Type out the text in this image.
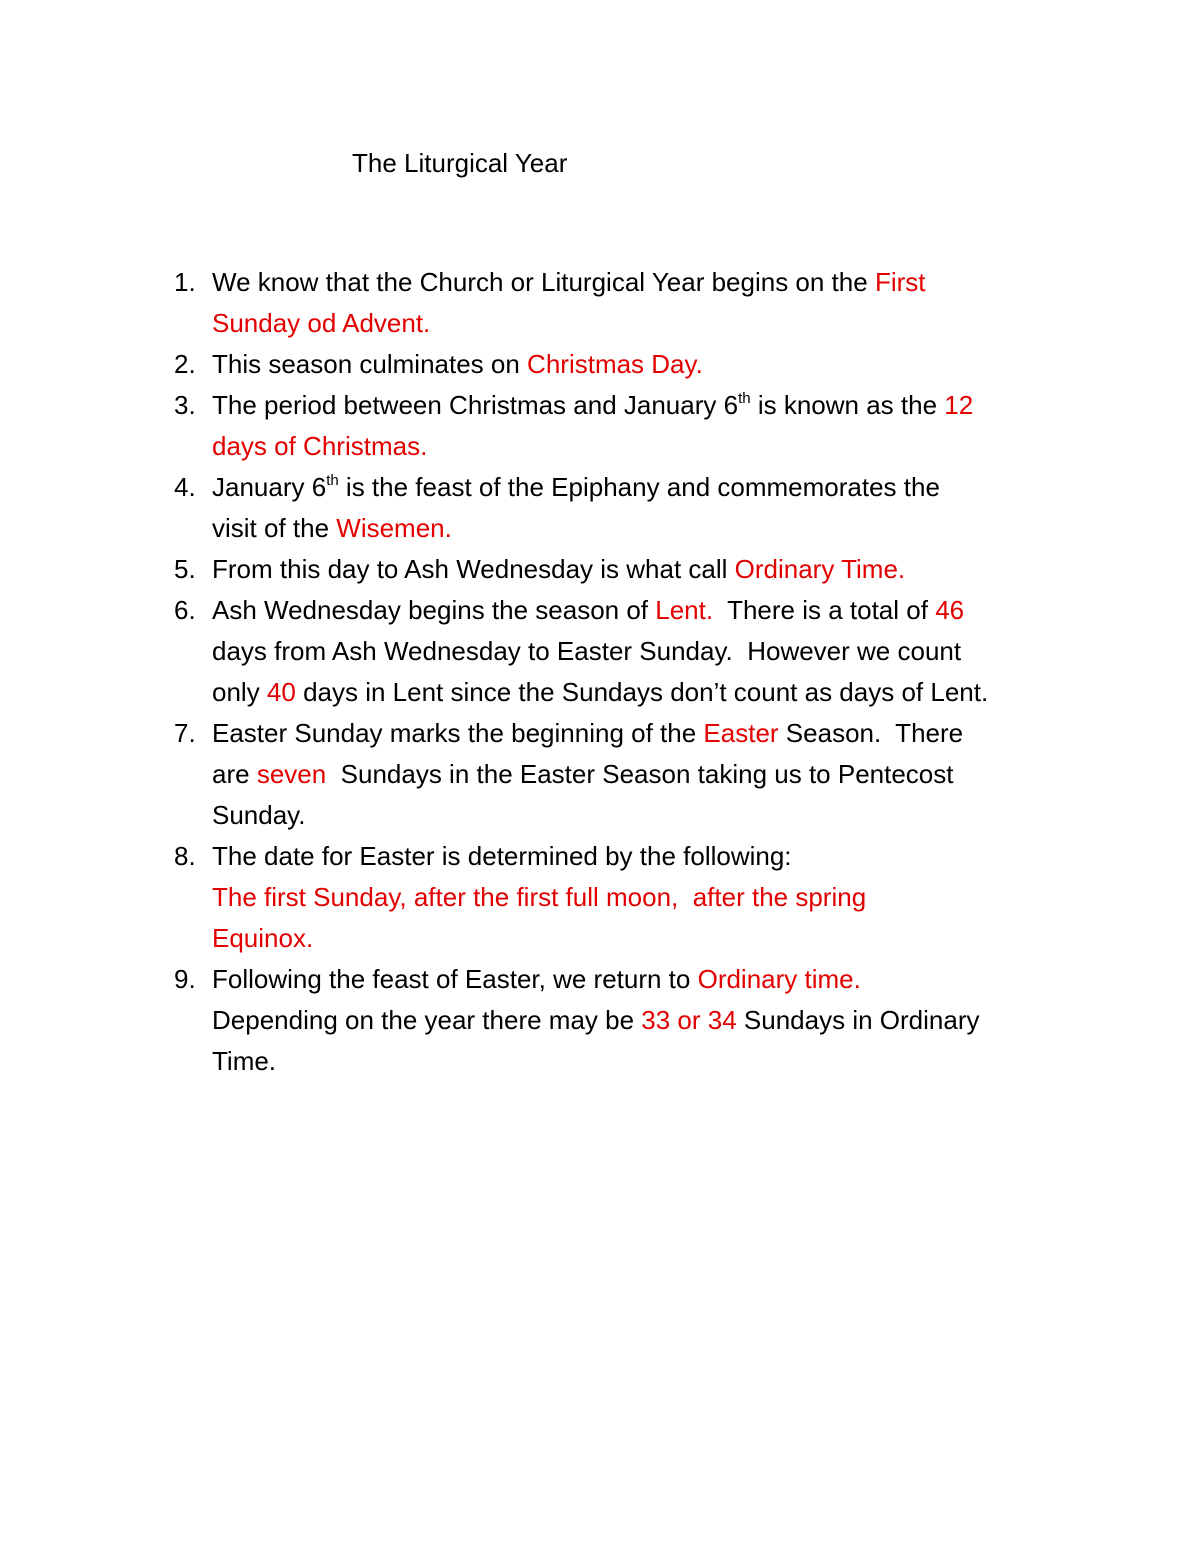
The Liturgical Year
1. We know that the Church or Liturgical Year begins on the First
Sunday od Advent.
2. This season culminates on Christmas Day.
3. The period between Christmas and January 6th is known as the 12
days of Christmas.
4. January 6th is the feast of the Epiphany and commemorates the
visit of the Wisemen.
5. From this day to Ash Wednesday is what call Ordinary Time.
6. Ash Wednesday begins the season of Lent.  There is a total of 46
days from Ash Wednesday to Easter Sunday.  However we count
only 40 days in Lent since the Sundays don’t count as days of Lent.
7. Easter Sunday marks the beginning of the Easter Season.  There
are seven  Sundays in the Easter Season taking us to Pentecost
Sunday.
8. The date for Easter is determined by the following:
The first Sunday, after the first full moon,  after the spring
Equinox.
9. Following the feast of Easter, we return to Ordinary time.
Depending on the year there may be 33 or 34 Sundays in Ordinary
Time.
